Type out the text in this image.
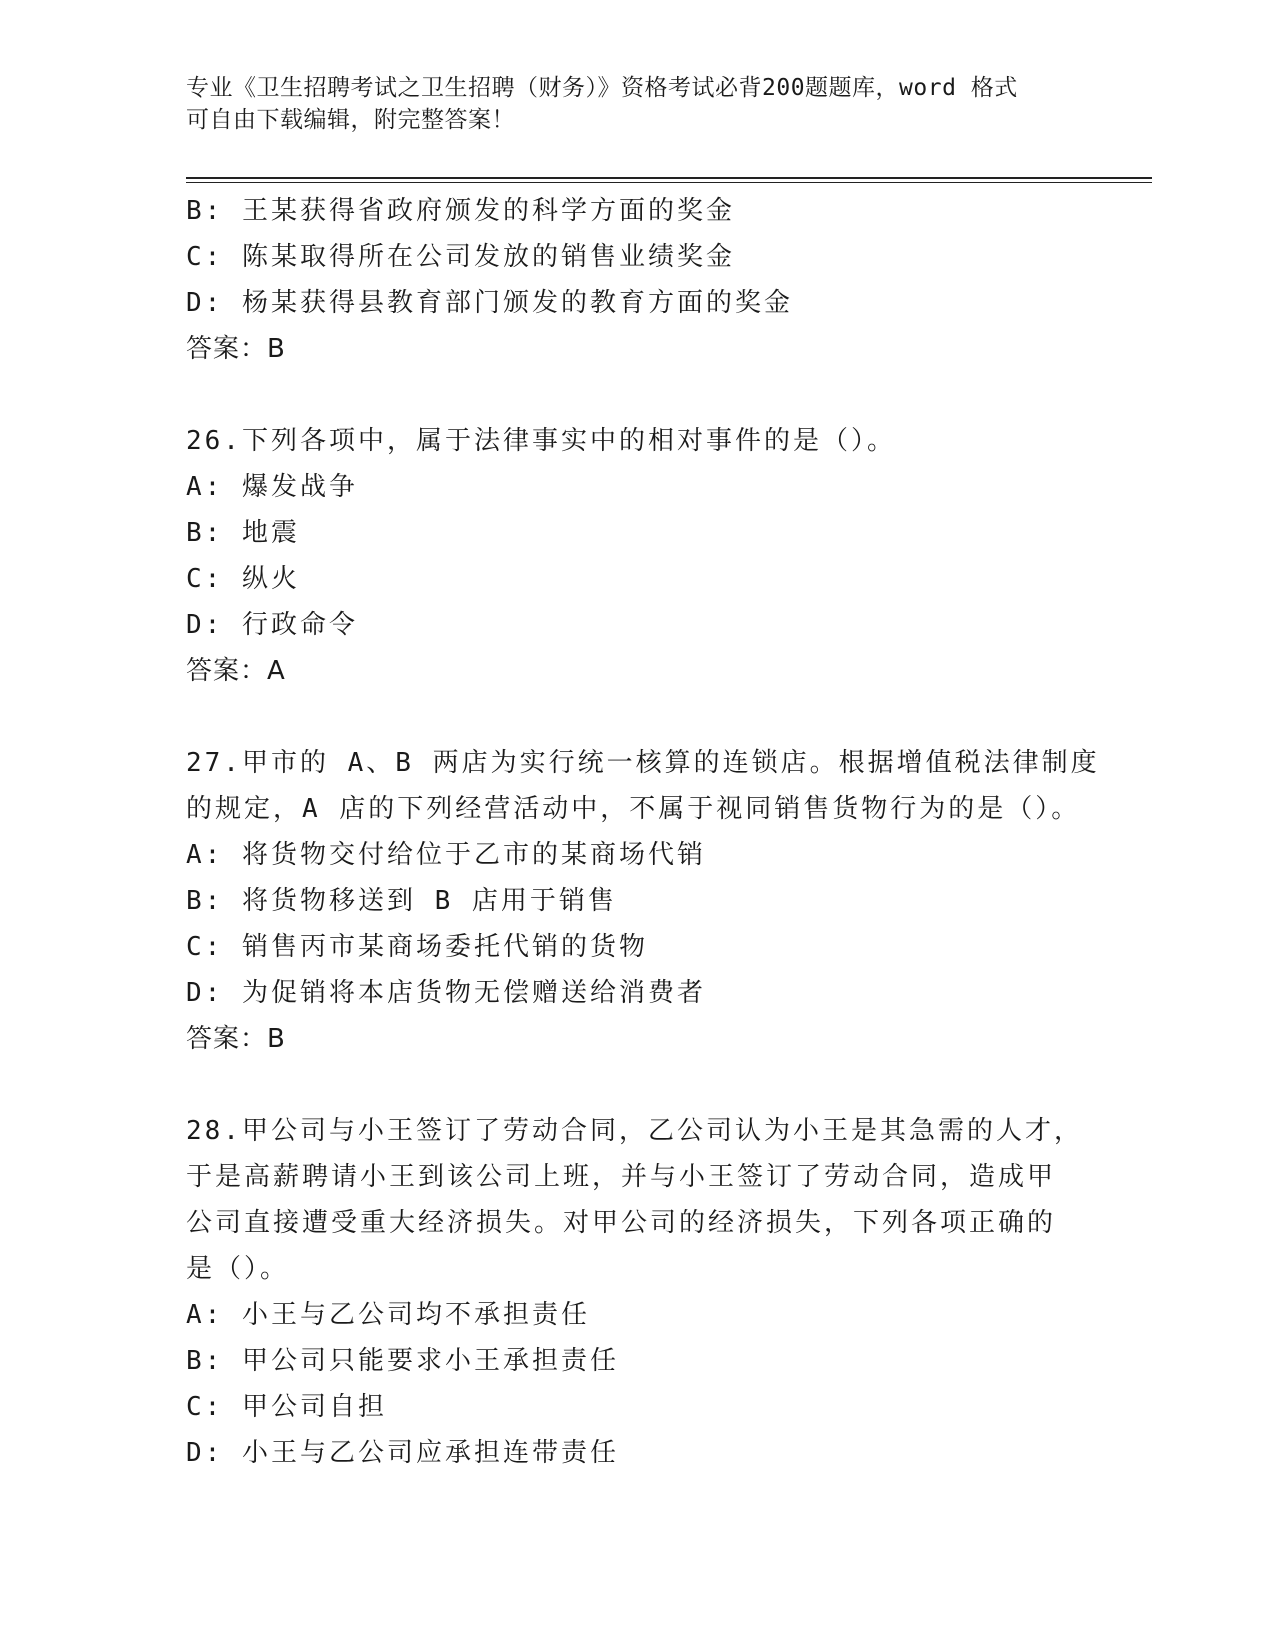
专业《卫生招聘考试之卫生招聘（财务）》资格考试必背200题题库，word 格式
可自由下载编辑，附完整答案！
B: 王某获得省政府颁发的科学方面的奖金
C: 陈某取得所在公司发放的销售业绩奖金
D: 杨某获得县教育部门颁发的教育方面的奖金
答案：B
26.下列各项中，属于法律事实中的相对事件的是（）。
A: 爆发战争
B: 地震
C: 纵火
D: 行政命令
答案：A
27.甲市的 A、B 两店为实行统一核算的连锁店。根据增值税法律制度
的规定，A 店的下列经营活动中，不属于视同销售货物行为的是（）。
A: 将货物交付给位于乙市的某商场代销
B: 将货物移送到 B 店用于销售
C: 销售丙市某商场委托代销的货物
D: 为促销将本店货物无偿赠送给消费者
答案：B
28.甲公司与小王签订了劳动合同，乙公司认为小王是其急需的人才，
于是高薪聘请小王到该公司上班，并与小王签订了劳动合同，造成甲
公司直接遭受重大经济损失。对甲公司的经济损失，下列各项正确的
是（）。
A: 小王与乙公司均不承担责任
B: 甲公司只能要求小王承担责任
C: 甲公司自担
D: 小王与乙公司应承担连带责任
